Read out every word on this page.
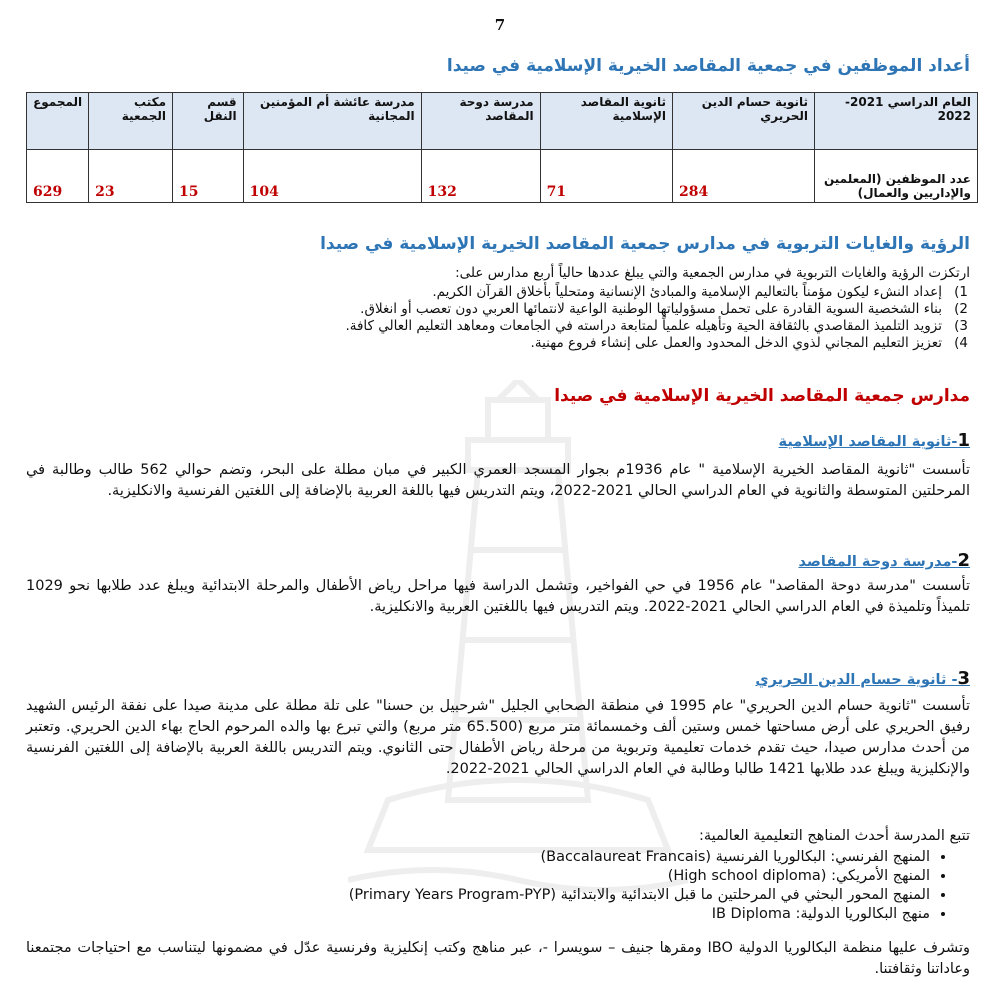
7
أعداد الموظفين في جمعية المقاصد الخيرية الإسلامية في صيدا
العام الدراسي 2021-2022	ثانوية حسام الدين الحريري	ثانوية المقاصد الإسلامية	مدرسة دوحة المقاصد	مدرسة عائشة أم المؤمنين المجانية	قسم النقل	مكتب الجمعية	المجموع
عدد الموظفين (المعلمين والإداريين والعمال)	284	71	132	104	15	23	629
الرؤية والغايات التربوية في مدارس جمعية المقاصد الخيرية الإسلامية في صيدا

ارتكزت الرؤية والغايات التربوية في مدارس الجمعية والتي يبلغ عددها حالياً أربع مدارس على:

1)
إعداد النشء ليكون مؤمناً بالتعاليم الإسلامية والمبادئ الإنسانية ومتحلياً بأخلاق القرآن الكريم.
2)
بناء الشخصية السوية القادرة على تحمل مسؤولياتها الوطنية الواعية لانتمائها العربي دون تعصب أو انغلاق.
3)
تزويد التلميذ المقاصدي بالثقافة الحية وتأهيله علمياً لمتابعة دراسته في الجامعات ومعاهد التعليم العالي كافة.
4)
تعزيز التعليم المجاني لذوي الدخل المحدود والعمل على إنشاء فروع مهنية.
مدارس جمعية المقاصد الخيرية الإسلامية في صيدا
1-ثانوية المقاصد الإسلامية

تأسست "ثانوية المقاصد الخيرية الإسلامية " عام 1936م بجوار المسجد العمري الكبير في مبان مطلة على البحر، وتضم حوالي 562 طالب وطالبة في المرحلتين المتوسطة والثانوية في العام الدراسي الحالي 2021-2022، ويتم التدريس فيها باللغة العربية بالإضافة إلى اللغتين الفرنسية والانكليزية.

2-مدرسة دوحة المقاصد

تأسست "مدرسة دوحة المقاصد" عام 1956 في حي الفواخير، وتشمل الدراسة فيها مراحل رياض الأطفال والمرحلة الابتدائية ويبلغ عدد طلابها نحو 1029 تلميذاً وتلميذة في العام الدراسي الحالي 2021-2022. ويتم التدريس فيها باللغتين العربية والانكليزية.

3- ثانوية حسام الدين الحريري

تأسست "ثانوية حسام الدين الحريري" عام 1995 في منطقة الصحابي الجليل "شرحبيل بن حسنا" على تلة مطلة على مدينة صيدا على نفقة الرئيس الشهيد رفيق الحريري على أرض مساحتها خمس وستين ألف وخمسمائة متر مربع (65.500 متر مربع) والتي تبرع بها والده المرحوم الحاج بهاء الدين الحريري. وتعتبر من أحدث مدارس صيدا، حيث تقدم خدمات تعليمية وتربوية من مرحلة رياض الأطفال حتى الثانوي. ويتم التدريس باللغة العربية بالإضافة إلى اللغتين الفرنسية والإنكليزية ويبلغ عدد طلابها 1421 طالبا وطالبة في العام الدراسي الحالي 2021-2022.

تتبع المدرسة أحدث المناهج التعليمية العالمية:

• المنهج الفرنسي: البكالوريا الفرنسية (Baccalaureat Francais)
• المنهج الأمريكي: (High school diploma)
• المنهج المحور البحثي في المرحلتين ما قبل الابتدائية والابتدائية (Primary Years Program-PYP)
• منهج البكالوريا الدولية: IB Diploma

وتشرف عليها منظمة البكالوريا الدولية IBO ومقرها جنيف – سويسرا -، عبر مناهج وكتب إنكليزية وفرنسية عدّل في مضمونها ليتناسب مع احتياجات مجتمعنا وعاداتنا وثقافتنا.
